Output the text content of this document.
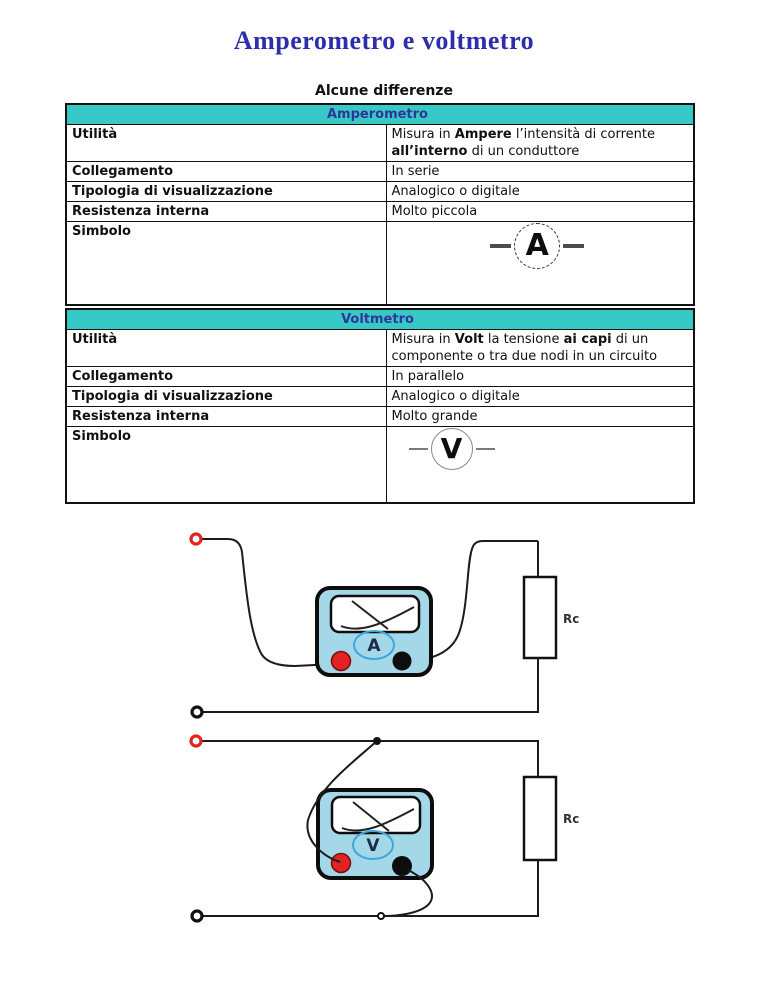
Amperometro e voltmetro
Alcune differenze
Amperometro	
Utilità	Misura in Ampere l’intensità di corrente all’interno di un conduttore
Collegamento	In serie
Tipologia di visualizzazione	Analogico o digitale
Resistenza interna	Molto piccola
Simbolo	A
Voltmetro	
Utilità	Misura in Volt la tensione ai capi di un componente o tra due nodi in un circuito
Collegamento	In parallelo
Tipologia di visualizzazione	Analogico o digitale
Resistenza interna	Molto grande
Simbolo	V
Rc
A
Rc
V
